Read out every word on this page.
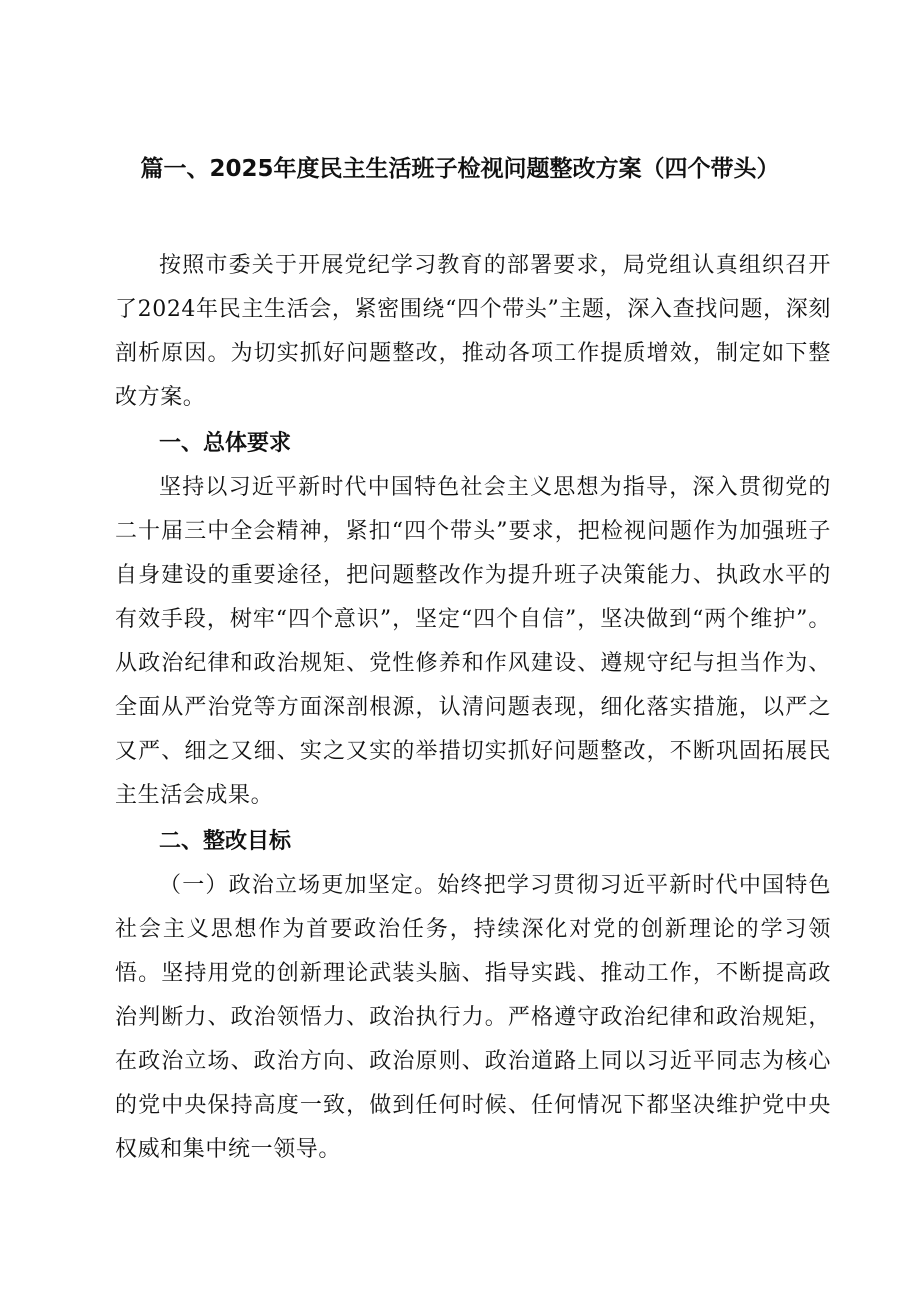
篇一、2025年度民主生活班子检视问题整改方案（四个带头）

按照市委关于开展党纪学习教育的部署要求，局党组认真组织召开了2024年民主生活会，紧密围绕“四个带头”主题，深入查找问题，深刻剖析原因。为切实抓好问题整改，推动各项工作提质增效，制定如下整改方案。

一、总体要求

坚持以习近平新时代中国特色社会主义思想为指导，深入贯彻党的二十届三中全会精神，紧扣“四个带头”要求，把检视问题作为加强班子自身建设的重要途径，把问题整改作为提升班子决策能力、执政水平的有效手段，树牢“四个意识”，坚定“四个自信”，坚决做到“两个维护”。从政治纪律和政治规矩、党性修养和作风建设、遵规守纪与担当作为、全面从严治党等方面深剖根源，认清问题表现，细化落实措施，以严之又严、细之又细、实之又实的举措切实抓好问题整改，不断巩固拓展民主生活会成果。

二、整改目标

（一）政治立场更加坚定。始终把学习贯彻习近平新时代中国特色社会主义思想作为首要政治任务，持续深化对党的创新理论的学习领悟。坚持用党的创新理论武装头脑、指导实践、推动工作，不断提高政治判断力、政治领悟力、政治执行力。严格遵守政治纪律和政治规矩，在政治立场、政治方向、政治原则、政治道路上同以习近平同志为核心的党中央保持高度一致，做到任何时候、任何情况下都坚决维护党中央权威和集中统一领导。
